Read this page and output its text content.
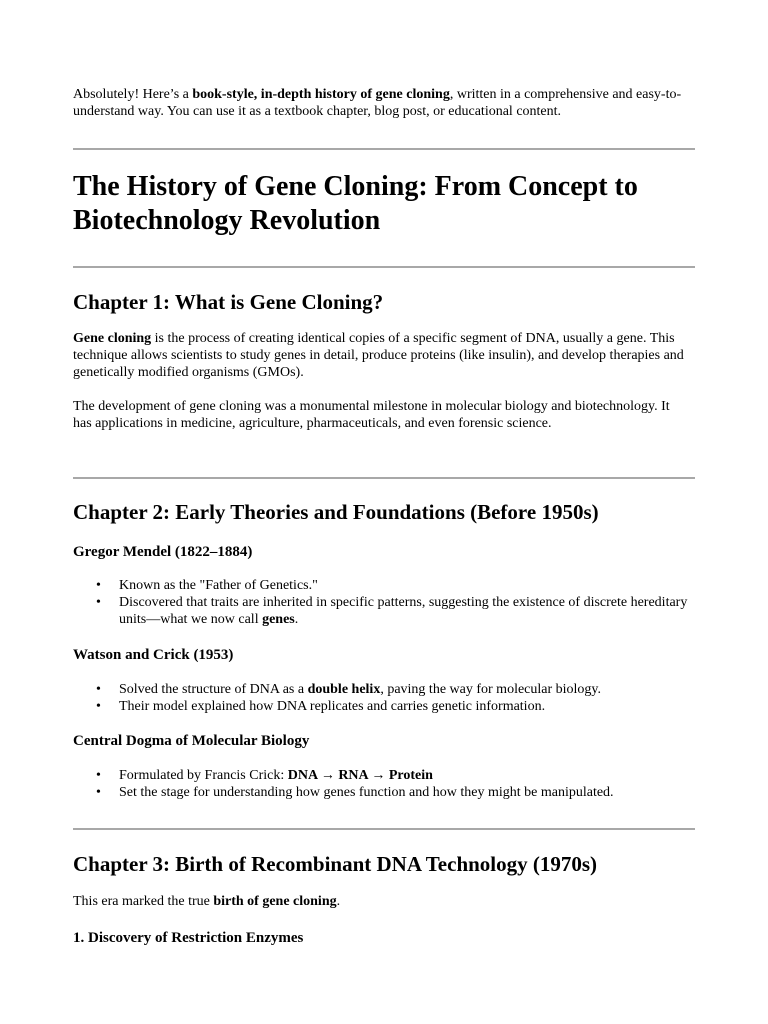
Absolutely! Here’s a book-style, in-depth history of gene cloning, written in a comprehensive and easy-to-understand way. You can use it as a textbook chapter, blog post, or educational content.

The History of Gene Cloning: From Concept to Biotechnology Revolution
Chapter 1: What is Gene Cloning?

Gene cloning is the process of creating identical copies of a specific segment of DNA, usually a gene. This technique allows scientists to study genes in detail, produce proteins (like insulin), and develop therapies and genetically modified organisms (GMOs).

The development of gene cloning was a monumental milestone in molecular biology and biotechnology. It has applications in medicine, agriculture, pharmaceuticals, and even forensic science.

Chapter 2: Early Theories and Foundations (Before 1950s)
Gregor Mendel (1822–1884)
• Known as the "Father of Genetics."
• Discovered that traits are inherited in specific patterns, suggesting the existence of discrete hereditary units—what we now call genes.
Watson and Crick (1953)
• Solved the structure of DNA as a double helix, paving the way for molecular biology.
• Their model explained how DNA replicates and carries genetic information.
Central Dogma of Molecular Biology
• Formulated by Francis Crick: DNA → RNA → Protein
• Set the stage for understanding how genes function and how they might be manipulated.
Chapter 3: Birth of Recombinant DNA Technology (1970s)

This era marked the true birth of gene cloning.

1. Discovery of Restriction Enzymes
